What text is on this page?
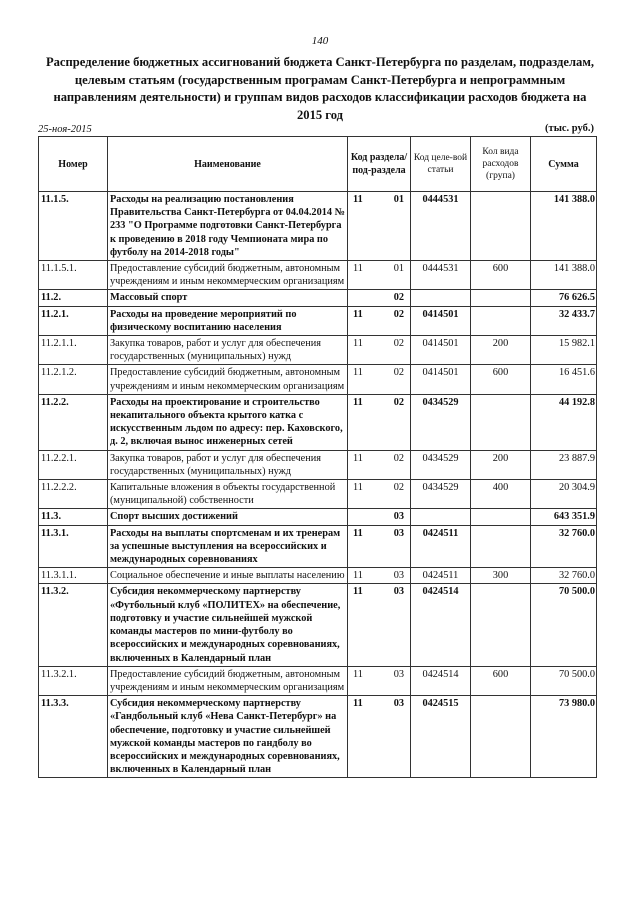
140
Распределение бюджетных ассигнований бюджета Санкт-Петербурга по разделам, подразделам, целевым статьям (государственным програмам Санкт-Петербурга и непрограммным направлениям деятельности) и группам видов расходов классификации расходов бюджета на 2015 год
25-ноя-2015	(тыс. руб.)
Номер	Наименование	Код раздела/ под-раздела		Код целе-вой статьи	Кол вида расходов (група)	Сумма
11.1.5.	Расходы на реализацию постановления Правительства Санкт-Петербурга от 04.04.2014 № 233 "О Программе подготовки Санкт-Петербурга к проведению в 2018 году Чемпионата мира по футболу на 2014-2018 годы"	11	01	0444531		141 388.0
11.1.5.1.	Предоставление субсидий бюджетным, автономным учреждениям и иным некоммерческим организациям	11	01	0444531	600	141 388.0
11.2.	Массовый спорт		02			76 626.5
11.2.1.	Расходы на проведение мероприятий по физическому воспитанию населения	11	02	0414501		32 433.7
11.2.1.1.	Закупка товаров, работ и услуг для обеспечения государственных (муниципальных) нужд	11	02	0414501	200	15 982.1
11.2.1.2.	Предоставление субсидий бюджетным, автономным учреждениям и иным некоммерческим организациям	11	02	0414501	600	16 451.6
11.2.2.	Расходы на проектирование и строительство некапитального объекта крытого катка с искусственным льдом по адресу: пер. Каховского, д. 2, включая вынос инженерных сетей	11	02	0434529		44 192.8
11.2.2.1.	Закупка товаров, работ и услуг для обеспечения государственных (муниципальных) нужд	11	02	0434529	200	23 887.9
11.2.2.2.	Капитальные вложения в объекты государственной (муниципальной) собственности	11	02	0434529	400	20 304.9
11.3.	Спорт высших достижений		03			643 351.9
11.3.1.	Расходы на выплаты спортсменам и их тренерам за успешные выступления на всероссийских и международных соревнованиях	11	03	0424511		32 760.0
11.3.1.1.	Социальное обеспечение и иные выплаты населению	11	03	0424511	300	32 760.0
11.3.2.	Субсидия некоммерческому партнерству «Футбольный клуб «ПОЛИТЕХ» на обеспечение, подготовку и участие сильнейшей мужской команды мастеров по мини-футболу во всероссийских и международных соревнованиях, включенных в Календарный план	11	03	0424514		70 500.0
11.3.2.1.	Предоставление субсидий бюджетным, автономным учреждениям и иным некоммерческим организациям	11	03	0424514	600	70 500.0
11.3.3.	Субсидия некоммерческому партнерству «Гандбольный клуб «Нева Санкт-Петербург» на обеспечение, подготовку и участие сильнейшей мужской команды мастеров по гандболу во всероссийских и международных соревнованиях, включенных в Календарный план	11	03	0424515		73 980.0
